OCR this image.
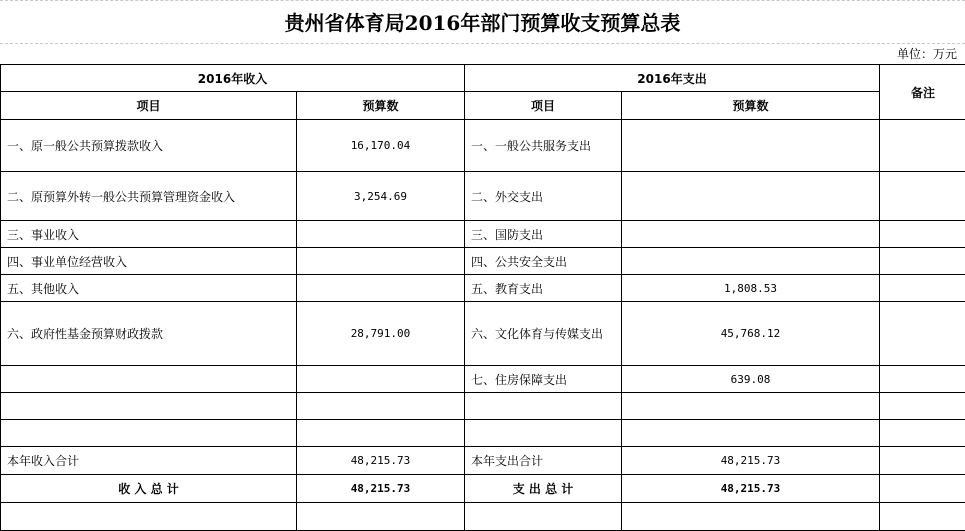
贵州省体育局2016年部门预算收支预算总表
单位：万元
2016年收入		2016年支出		备注
项目	预算数	项目	预算数	
一、原一般公共预算拨款收入	16,170.04	一、一般公共服务支出		
二、原预算外转一般公共预算管理资金收入	3,254.69	二、外交支出		
三、事业收入		三、国防支出		
四、事业单位经营收入		四、公共安全支出		
五、其他收入		五、教育支出	1,808.53	
六、政府性基金预算财政拨款	28,791.00	六、文化体育与传媒支出	45,768.12	
		七、住房保障支出	639.08	

本年收入合计	48,215.73	本年支出合计	48,215.73	
收 入 总 计	48,215.73	支 出 总 计	48,215.73	
